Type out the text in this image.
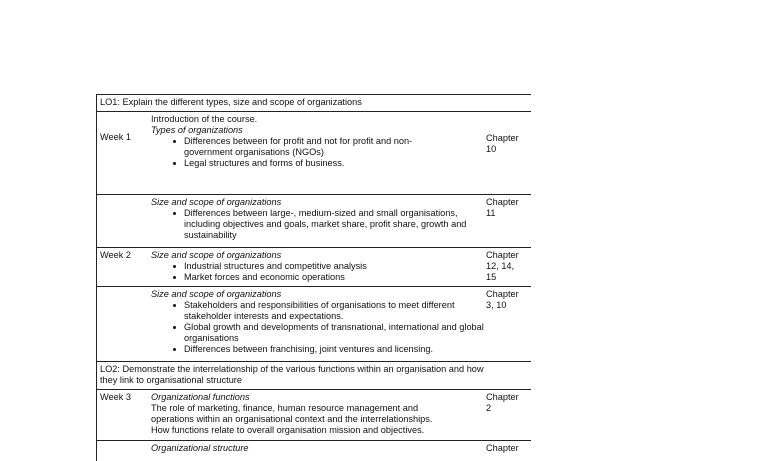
LO1: Explain the different types, size and scope of organizations
Week 1
Introduction of the course.
Types of organizations
Differences between for profit and not for profit and non-government organisations (NGOs)
Legal structures and forms of business.
Chapter
10
Size and scope of organizations
Differences between large-, medium-sized and small organisations, including objectives and goals, market share, profit share, growth and sustainability
Chapter
11
Week 2 Size and scope of organizations
Industrial structures and competitive analysis
Market forces and economic operations
Chapter
12, 14,
15
Size and scope of organizations
Stakeholders and responsibilities of organisations to meet different stakeholder interests and expectations.
Global growth and developments of transnational, international and global organisations
Differences between franchising, joint ventures and licensing.
Chapter
3, 10
LO2: Demonstrate the interrelationship of the various functions within an organisation and how
they link to organisational structure
Week 3 Organizational functions
The role of marketing, finance, human resource management and operations within an organisational context and the interrelationships.
How functions relate to overall organisation mission and objectives.
Chapter
2
Organizational structure	Chapter
